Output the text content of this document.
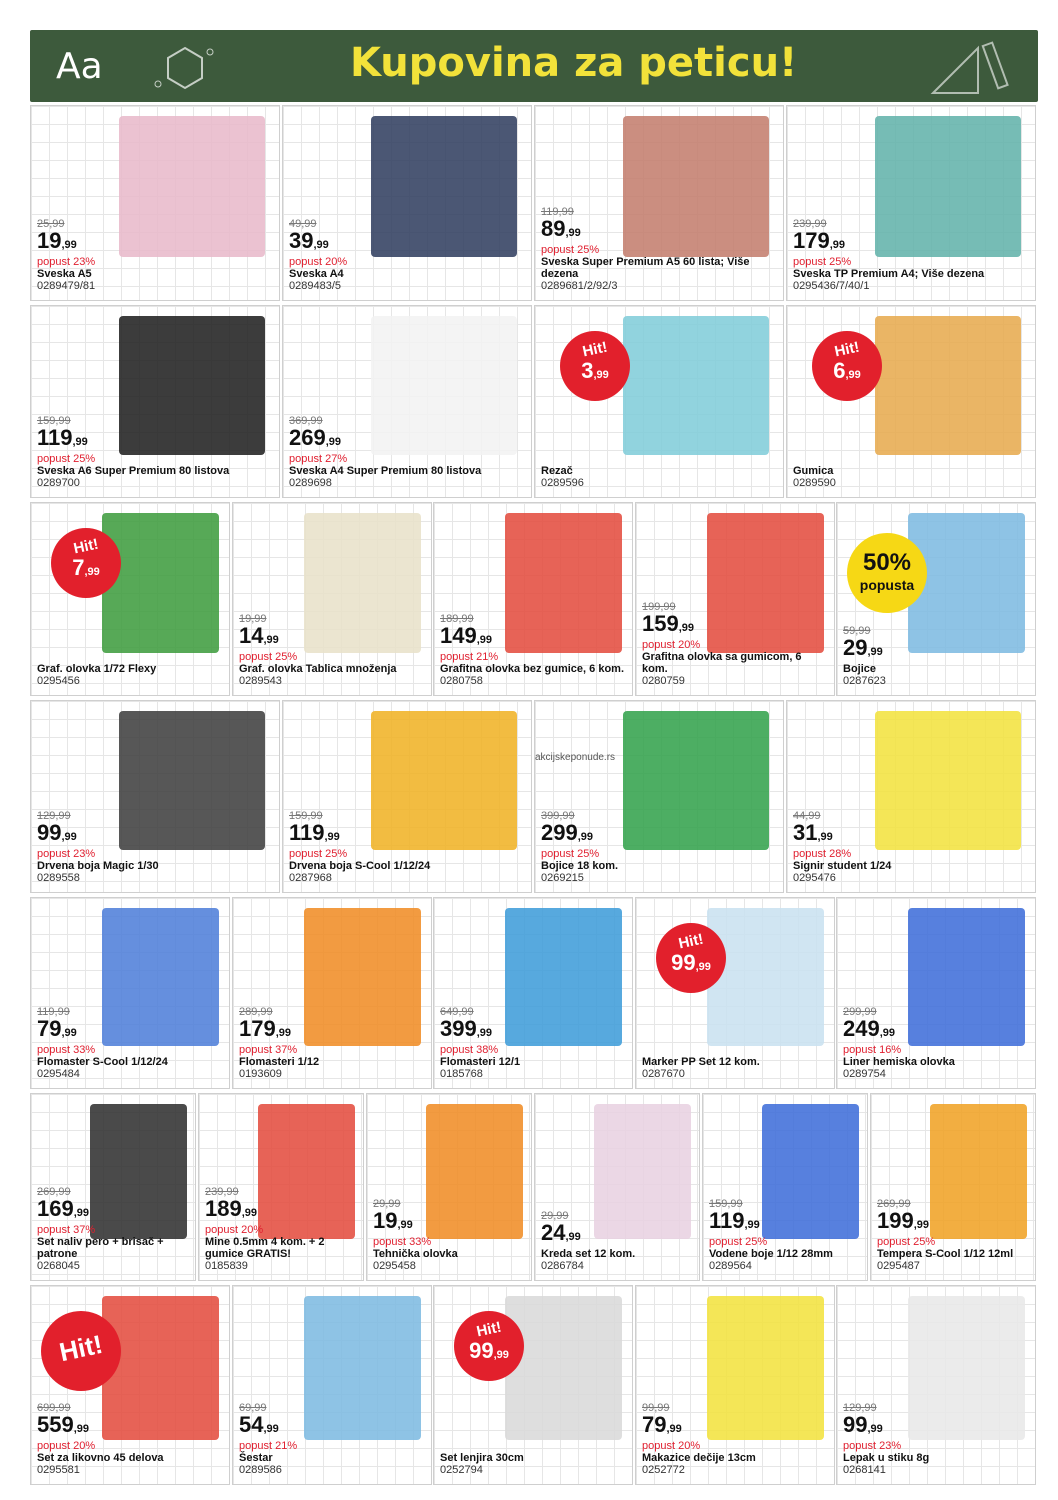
Aa	Kupovina za peticu!
25,99
19,99
popust 23%
Sveska A5
0289479/81
49,99
39,99
popust 20%
Sveska A4
0289483/5
119,99
89,99
popust 25%
Sveska Super Premium A5 60 lista; Više dezena
0289681/2/92/3
239,99
179,99
popust 25%
Sveska TP Premium A4; Više dezena
0295436/7/40/1
159,99
119,99
popust 25%
Sveska A6 Super Premium 80 listova
0289700
369,99
269,99
popust 27%
Sveska A4 Super Premium 80 listova
0289698
Hit!
3,99
Rezač
0289596
Hit!
6,99
Gumica
0289590
Hit!
7,99
Graf. olovka 1/72 Flexy
0295456
19,99
14,99
popust 25%
Graf. olovka Tablica množenja
0289543
189,99
149,99
popust 21%
Grafitna olovka bez gumice, 6 kom.
0280758
199,99
159,99
popust 20%
Grafitna olovka sa gumicom, 6 kom.
0280759
50%
popusta
59,99
29,99
Bojice
0287623
129,99
99,99
popust 23%
Drvena boja Magic 1/30
0289558
159,99
119,99
popust 25%
Drvena boja S-Cool 1/12/24
0287968
399,99
299,99
popust 25%
Bojice 18 kom.
0269215
44,99
31,99
popust 28%
Signir student 1/24
0295476
119,99
79,99
popust 33%
Flomaster S-Cool 1/12/24
0295484
289,99
179,99
popust 37%
Flomasteri 1/12
0193609
649,99
399,99
popust 38%
Flomasteri 12/1
0185768
Hit!
99,99
Marker PP Set 12 kom.
0287670
299,99
249,99
popust 16%
Liner hemiska olovka
0289754
269,99
169,99
popust 37%
Set naliv pero + brisač + patrone
0268045
239,99
189,99
popust 20%
Mine 0.5mm 4 kom. + 2 gumice GRATIS!
0185839
29,99
19,99
popust 33%
Tehnička olovka
0295458
29,99
24,99
Kreda set 12 kom.
0286784
159,99
119,99
popust 25%
Vodene boje 1/12 28mm
0289564
269,99
199,99
popust 25%
Tempera S-Cool 1/12 12ml
0295487
Hit!
699,99
559,99
popust 20%
Set za likovno 45 delova
0295581
69,99
54,99
popust 21%
Šestar
0289586
Hit!
99,99
Set lenjira 30cm
0252794
99,99
79,99
popust 20%
Makazice dečije 13cm
0252772
129,99
99,99
popust 23%
Lepak u stiku 8g
0268141
akcijskeponude.rs
